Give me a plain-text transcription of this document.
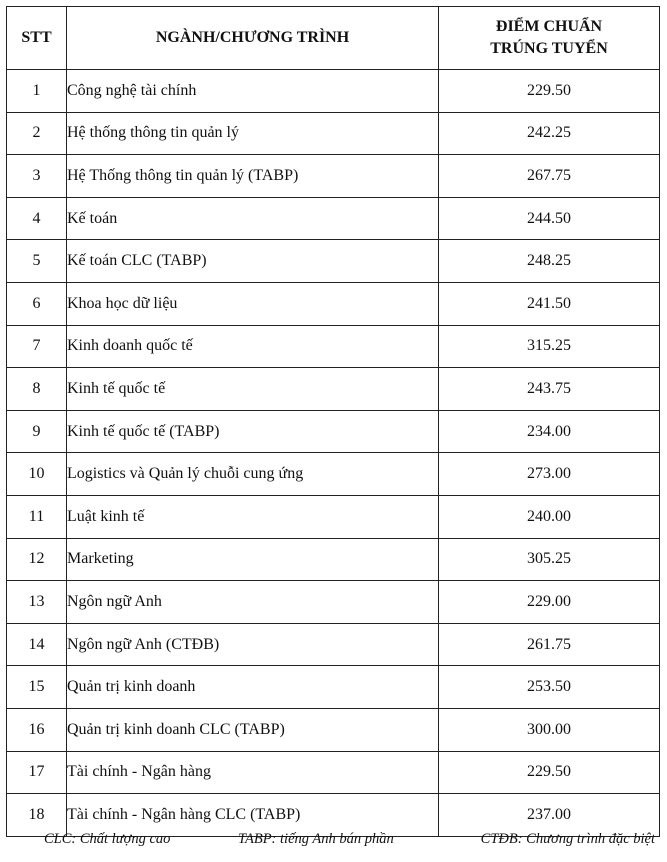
STT	NGÀNH/CHƯƠNG TRÌNH	ĐIỂM CHUẨN
TRÚNG TUYỂN

1	Công nghệ tài chính	229.50
2	Hệ thống thông tin quản lý	242.25
3	Hệ Thống thông tin quản lý (TABP)	267.75
4	Kế toán	244.50
5	Kế toán CLC (TABP)	248.25
6	Khoa học dữ liệu	241.50
7	Kinh doanh quốc tế	315.25
8	Kinh tế quốc tế	243.75
9	Kinh tế quốc tế (TABP)	234.00
10	Logistics và Quản lý chuỗi cung ứng	273.00
11	Luật kinh tế	240.00
12	Marketing	305.25
13	Ngôn ngữ Anh	229.00
14	Ngôn ngữ Anh (CTĐB)	261.75
15	Quản trị kinh doanh	253.50
16	Quản trị kinh doanh CLC (TABP)	300.00
17	Tài chính - Ngân hàng	229.50
18	Tài chính - Ngân hàng CLC (TABP)	237.00
CLC: Chất lượng cao	TABP: tiếng Anh bán phần	CTĐB: Chương trình đặc biệt
